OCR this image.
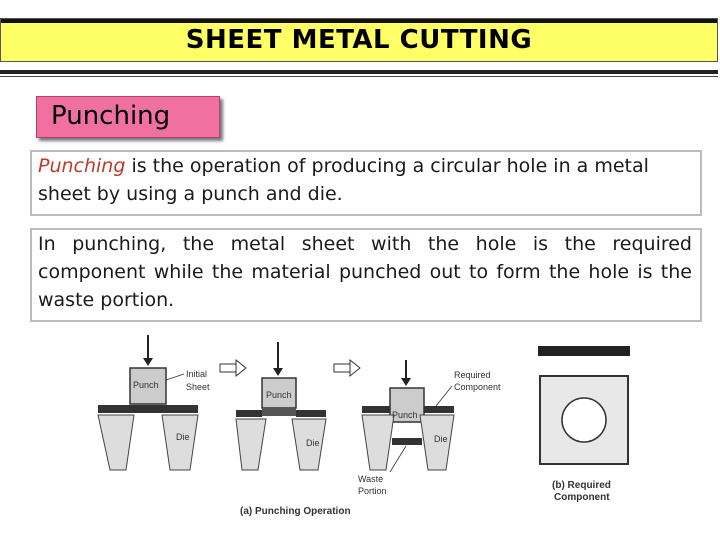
SHEET METAL CUTTING
Punching
Punching is the operation of producing a circular hole in a metal sheet by using a punch and die.
In punching, the metal sheet with the hole is the required component while the material punched out to form the hole is the waste portion.
Punch
Initial
Sheet
Die
Punch
Die
Punch
Die
Required
Component
Waste
Portion
(a) Punching Operation
(b) Required
Component
